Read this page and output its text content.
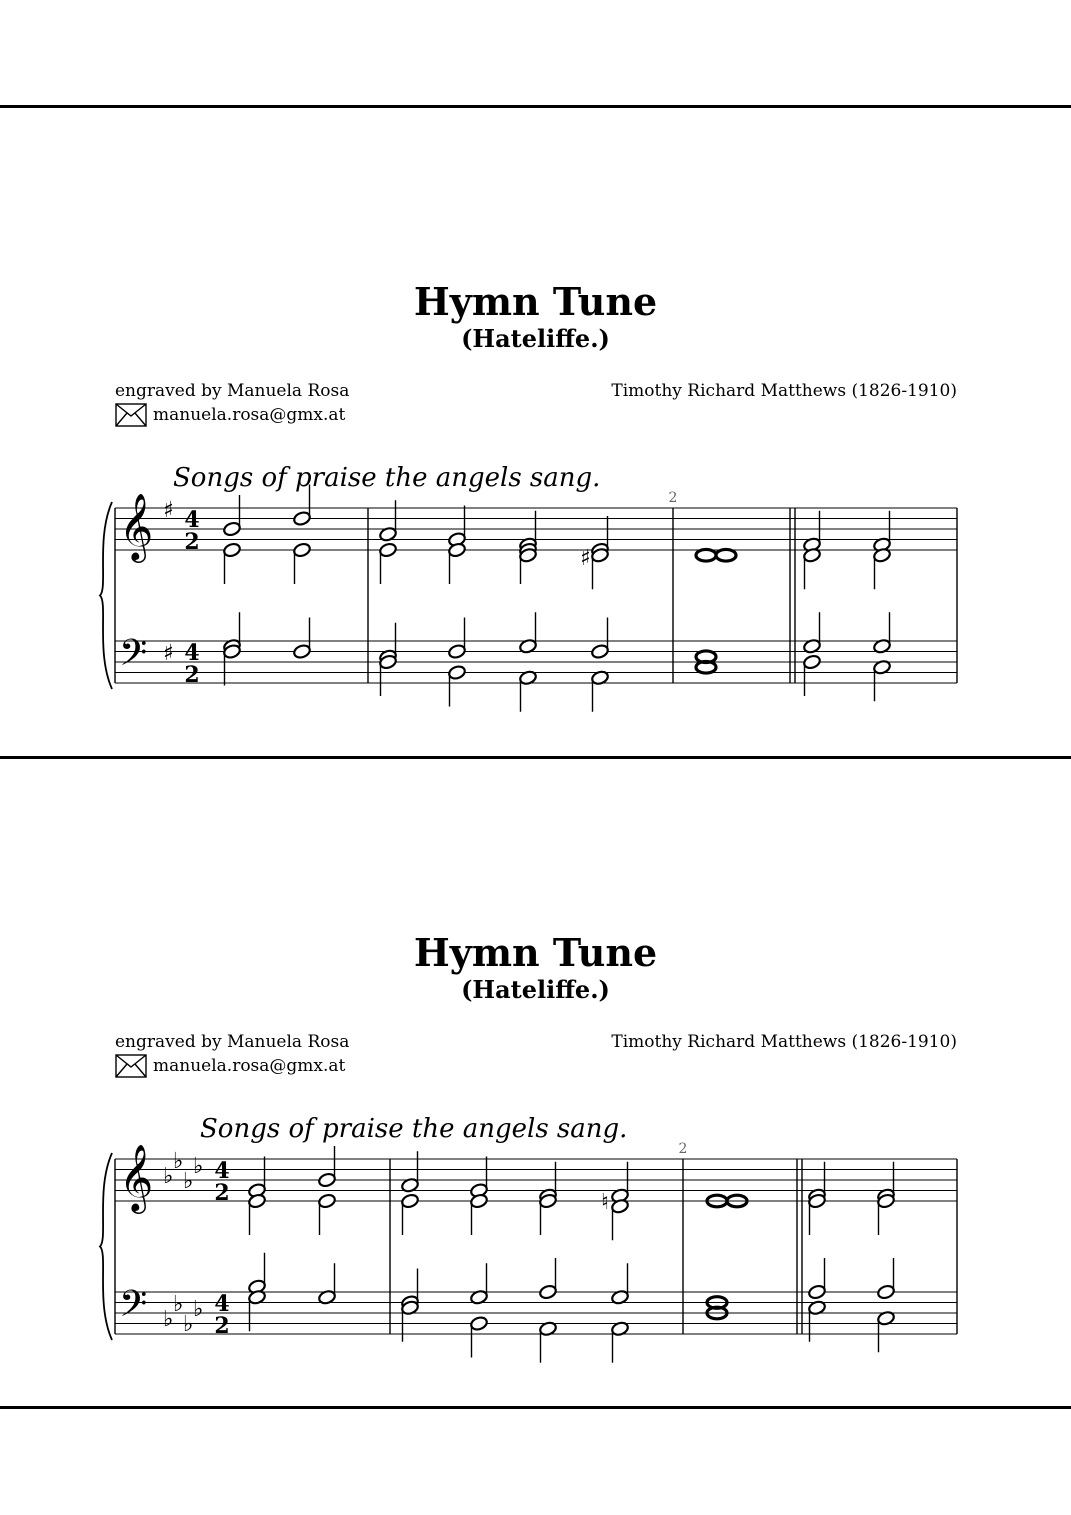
Hymn Tune
(Hateliffe.)
engraved by Manuela Rosa
manuela.rosa@gmx.at
Timothy Richard Matthews (1826-1910)
𝄞
𝄢
♯
♯
4
2
4
2
Songs of praise the angels sang.
2
♯
Hymn Tune
(Hateliffe.)
engraved by Manuela Rosa
manuela.rosa@gmx.at
Timothy Richard Matthews (1826-1910)
𝄞
𝄢
♭
♭
♭
♭
♭
♭
♭
♭
4
2
4
2
Songs of praise the angels sang.
2
♮
